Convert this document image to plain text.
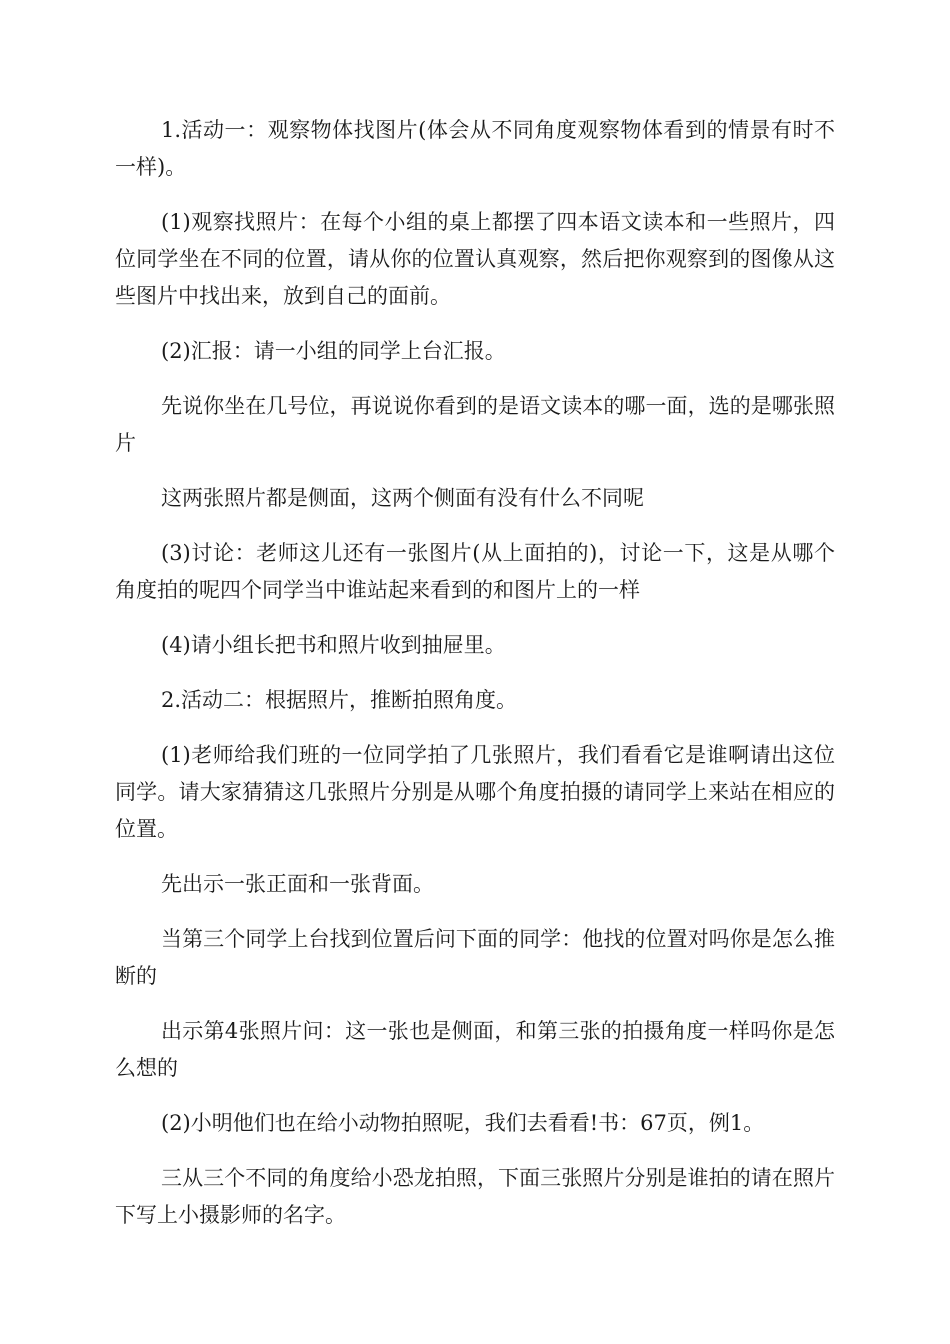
1.活动一：观察物体找图片(体会从不同角度观察物体看到的情景有时不一样)。

(1)观察找照片：在每个小组的桌上都摆了四本语文读本和一些照片，四位同学坐在不同的位置，请从你的位置认真观察，然后把你观察到的图像从这些图片中找出来，放到自己的面前。

(2)汇报：请一小组的同学上台汇报。

先说你坐在几号位，再说说你看到的是语文读本的哪一面，选的是哪张照片

这两张照片都是侧面，这两个侧面有没有什么不同呢

(3)讨论：老师这儿还有一张图片(从上面拍的)，讨论一下，这是从哪个角度拍的呢四个同学当中谁站起来看到的和图片上的一样

(4)请小组长把书和照片收到抽屉里。

2.活动二：根据照片，推断拍照角度。

(1)老师给我们班的一位同学拍了几张照片，我们看看它是谁啊请出这位同学。请大家猜猜这几张照片分别是从哪个角度拍摄的请同学上来站在相应的位置。

先出示一张正面和一张背面。

当第三个同学上台找到位置后问下面的同学：他找的位置对吗你是怎么推断的

出示第4张照片问：这一张也是侧面，和第三张的拍摄角度一样吗你是怎么想的

(2)小明他们也在给小动物拍照呢，我们去看看!书：67页，例1。

三从三个不同的角度给小恐龙拍照，下面三张照片分别是谁拍的请在照片下写上小摄影师的名字。
